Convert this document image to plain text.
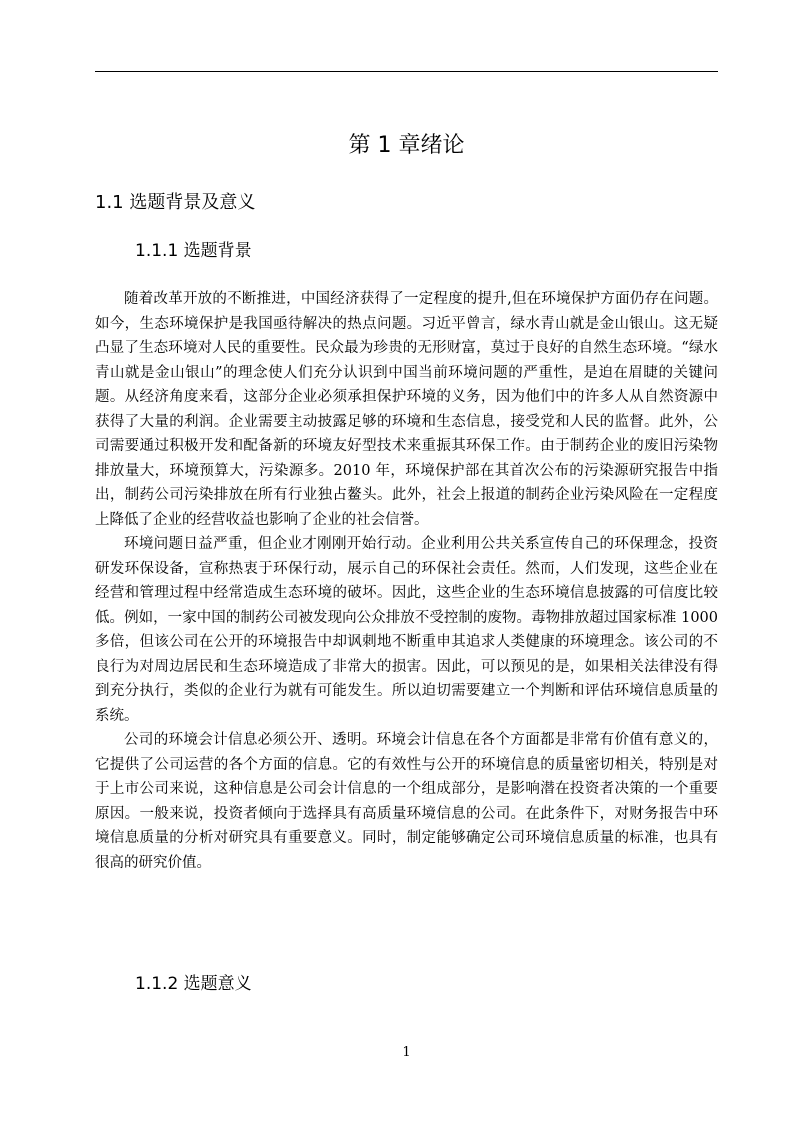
第 1 章绪论
1.1 选题背景及意义
1.1.1 选题背景

随着改革开放的不断推进，中国经济获得了一定程度的提升,但在环境保护方面仍存在问题。如今，生态环境保护是我国亟待解决的热点问题。习近平曾言，绿水青山就是金山银山。这无疑凸显了生态环境对人民的重要性。民众最为珍贵的无形财富，莫过于良好的自然生态环境。“绿水青山就是金山银山”的理念使人们充分认识到中国当前环境问题的严重性，是迫在眉睫的关键问题。从经济角度来看，这部分企业必须承担保护环境的义务，因为他们中的许多人从自然资源中获得了大量的利润。企业需要主动披露足够的环境和生态信息，接受党和人民的监督。此外，公司需要通过积极开发和配备新的环境友好型技术来重振其环保工作。由于制药企业的废旧污染物排放量大，环境预算大，污染源多。2010 年，环境保护部在其首次公布的污染源研究报告中指出，制药公司污染排放在所有行业独占鳌头。此外，社会上报道的制药企业污染风险在一定程度上降低了企业的经营收益也影响了企业的社会信誉。

环境问题日益严重，但企业才刚刚开始行动。企业利用公共关系宣传自己的环保理念，投资研发环保设备，宣称热衷于环保行动，展示自己的环保社会责任。然而，人们发现，这些企业在经营和管理过程中经常造成生态环境的破坏。因此，这些企业的生态环境信息披露的可信度比较低。例如，一家中国的制药公司被发现向公众排放不受控制的废物。毒物排放超过国家标准 1000 多倍，但该公司在公开的环境报告中却讽刺地不断重申其追求人类健康的环境理念。该公司的不良行为对周边居民和生态环境造成了非常大的损害。因此，可以预见的是，如果相关法律没有得到充分执行，类似的企业行为就有可能发生。所以迫切需要建立一个判断和评估环境信息质量的系统。

公司的环境会计信息必须公开、透明。环境会计信息在各个方面都是非常有价值有意义的，它提供了公司运营的各个方面的信息。它的有效性与公开的环境信息的质量密切相关，特别是对于上市公司来说，这种信息是公司会计信息的一个组成部分，是影响潜在投资者决策的一个重要原因。一般来说，投资者倾向于选择具有高质量环境信息的公司。在此条件下，对财务报告中环境信息质量的分析对研究具有重要意义。同时，制定能够确定公司环境信息质量的标准，也具有很高的研究价值。

1.1.2 选题意义
1
